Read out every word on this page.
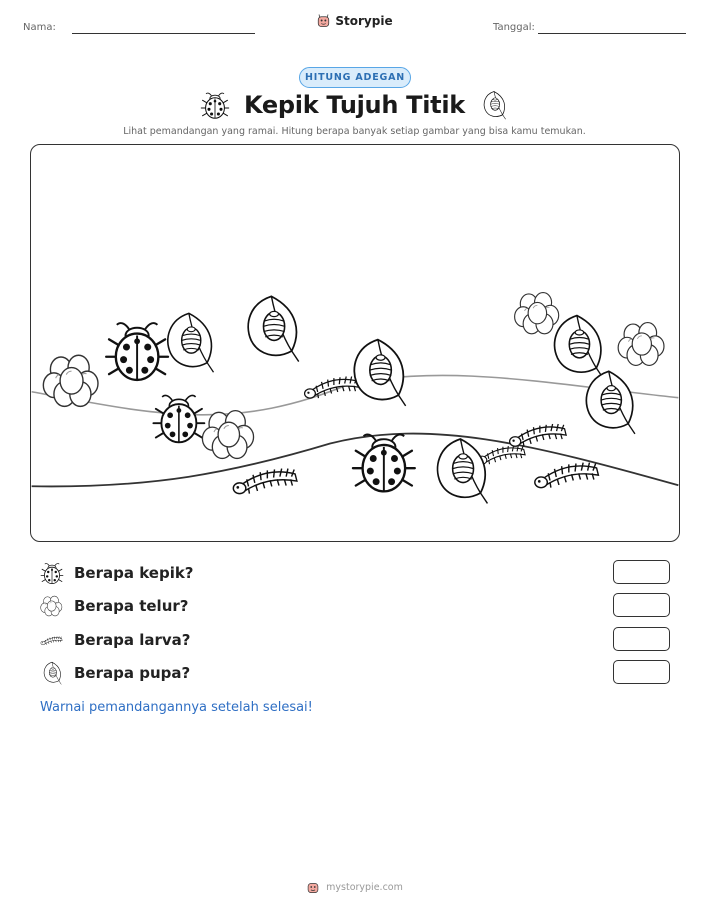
Nama:	Storypie	Tanggal:
HITUNG ADEGAN
Kepik Tujuh Titik
Lihat pemandangan yang ramai. Hitung berapa banyak setiap gambar yang bisa kamu temukan.
Berapa kepik?
Berapa telur?
Berapa larva?
Berapa pupa?
Warnai pemandangannya setelah selesai!
mystorypie.com
